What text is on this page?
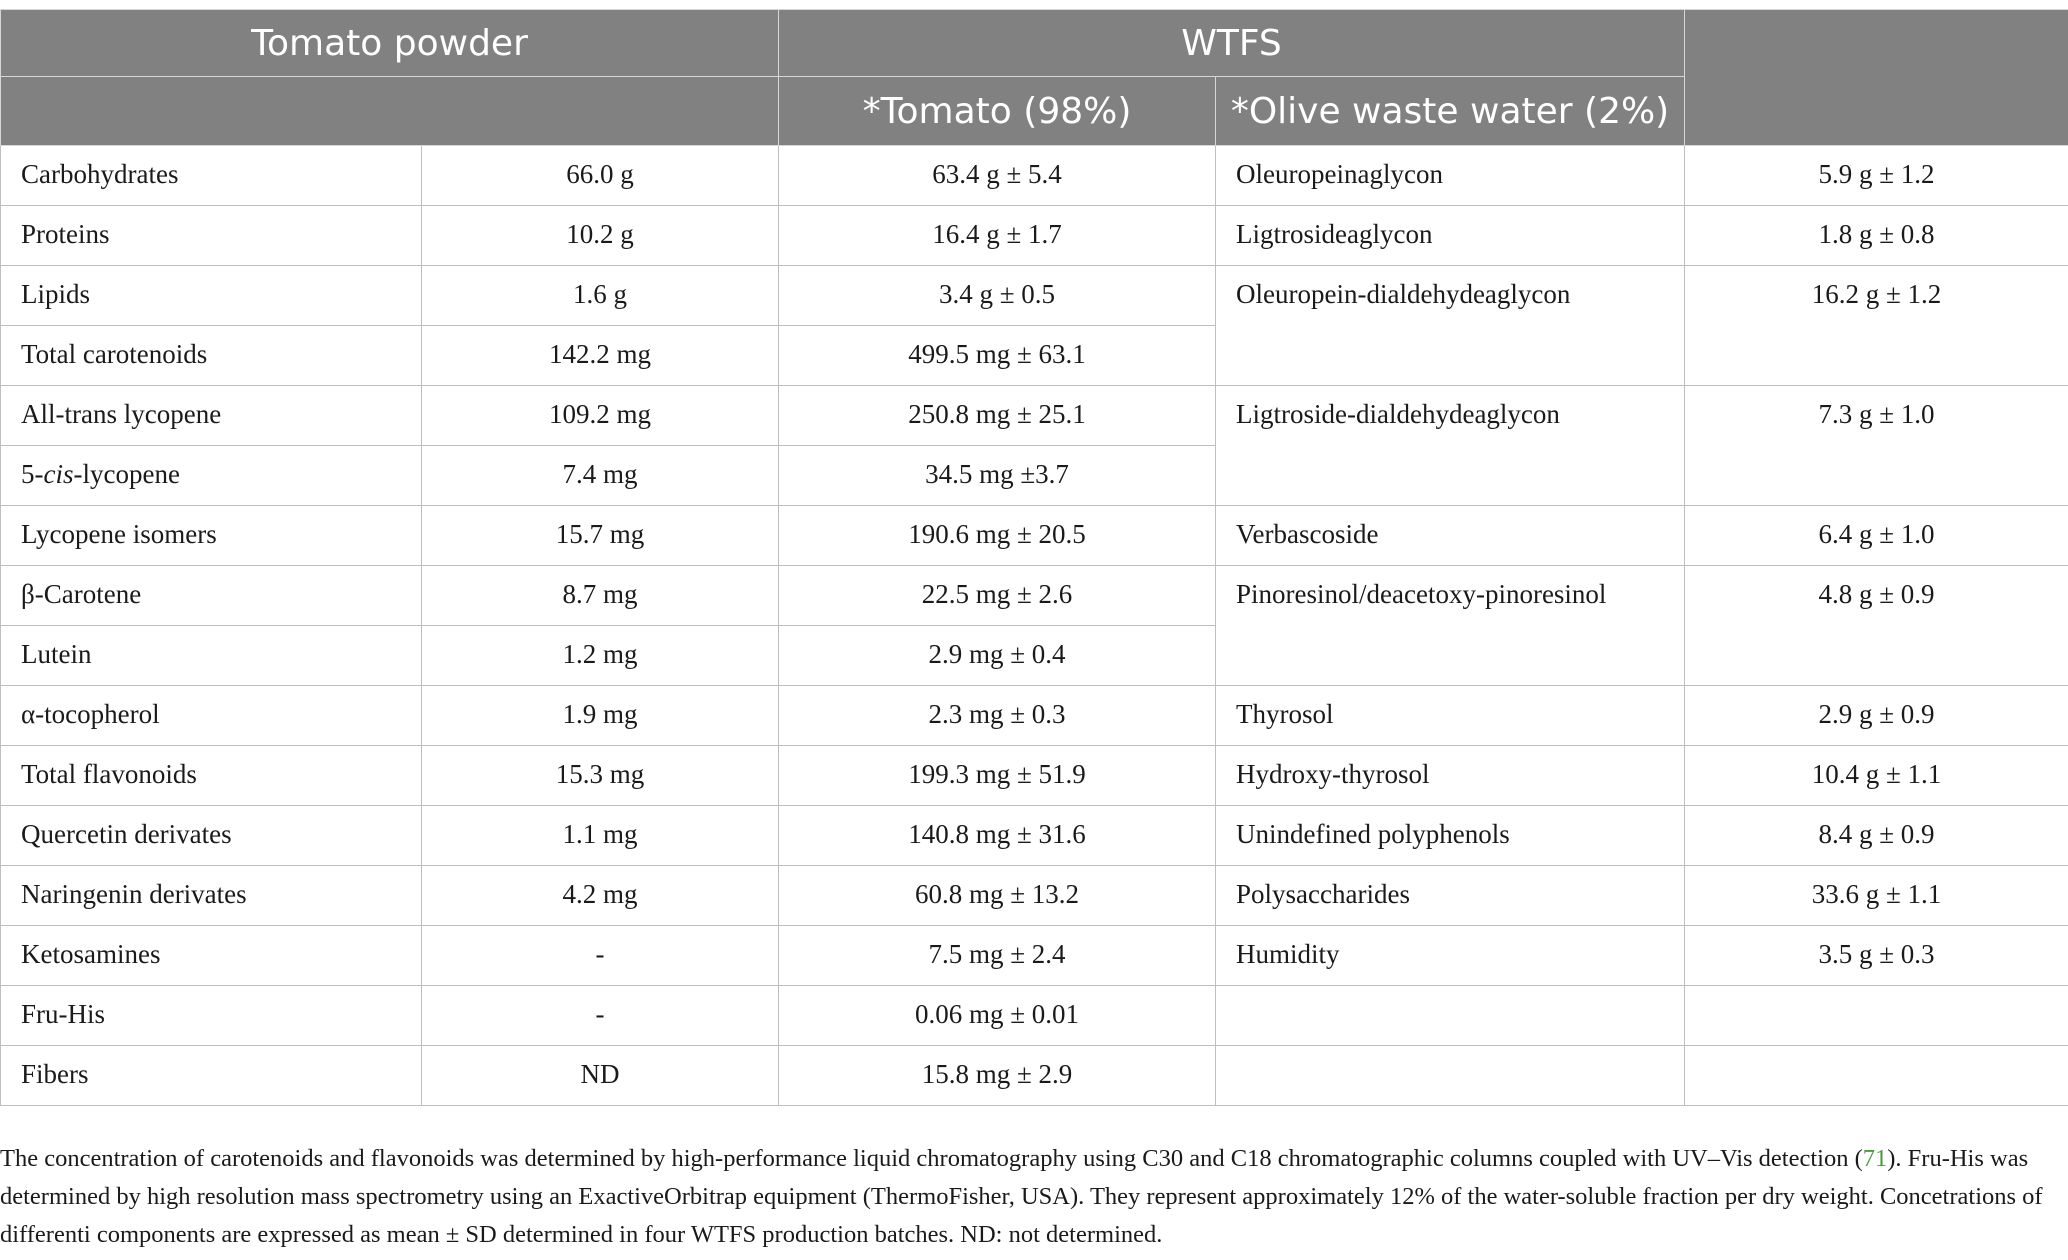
Tomato powder		WTFS		
		*Tomato (98%)	*Olive waste water (2%)	
Carbohydrates	66.0 g	63.4 g ± 5.4	Oleuropeinaglycon	5.9 g ± 1.2
Proteins	10.2 g	16.4 g ± 1.7	Ligtrosideaglycon	1.8 g ± 0.8
Lipids	1.6 g	3.4 g ± 0.5	Oleuropein-dialdehydeaglycon	16.2 g ± 1.2
Total carotenoids	142.2 mg	499.5 mg ± 63.1		
All-trans lycopene	109.2 mg	250.8 mg ± 25.1	Ligtroside-dialdehydeaglycon	7.3 g ± 1.0
5-cis-lycopene	7.4 mg	34.5 mg ±3.7		
Lycopene isomers	15.7 mg	190.6 mg ± 20.5	Verbascoside	6.4 g ± 1.0
β-Carotene	8.7 mg	22.5 mg ± 2.6	Pinoresinol/deacetoxy-pinoresinol	4.8 g ± 0.9
Lutein	1.2 mg	2.9 mg ± 0.4		
α-tocopherol	1.9 mg	2.3 mg ± 0.3	Thyrosol	2.9 g ± 0.9
Total flavonoids	15.3 mg	199.3 mg ± 51.9	Hydroxy-thyrosol	10.4 g ± 1.1
Quercetin derivates	1.1 mg	140.8 mg ± 31.6	Unindefined polyphenols	8.4 g ± 0.9
Naringenin derivates	4.2 mg	60.8 mg ± 13.2	Polysaccharides	33.6 g ± 1.1
Ketosamines	-	7.5 mg ± 2.4	Humidity	3.5 g ± 0.3
Fru-His	-	0.06 mg ± 0.01		
Fibers	ND	15.8 mg ± 2.9		
The concentration of carotenoids and flavonoids was determined by high-performance liquid chromatography using C30 and C18 chromatographic columns coupled with UV–Vis detection (71). Fru-His was determined by high resolution mass spectrometry using an ExactiveOrbitrap equipment (ThermoFisher, USA). They represent approximately 12% of the water-soluble fraction per dry weight. Concetrations of differenti components are expressed as mean ± SD determined in four WTFS production batches. ND: not determined.
